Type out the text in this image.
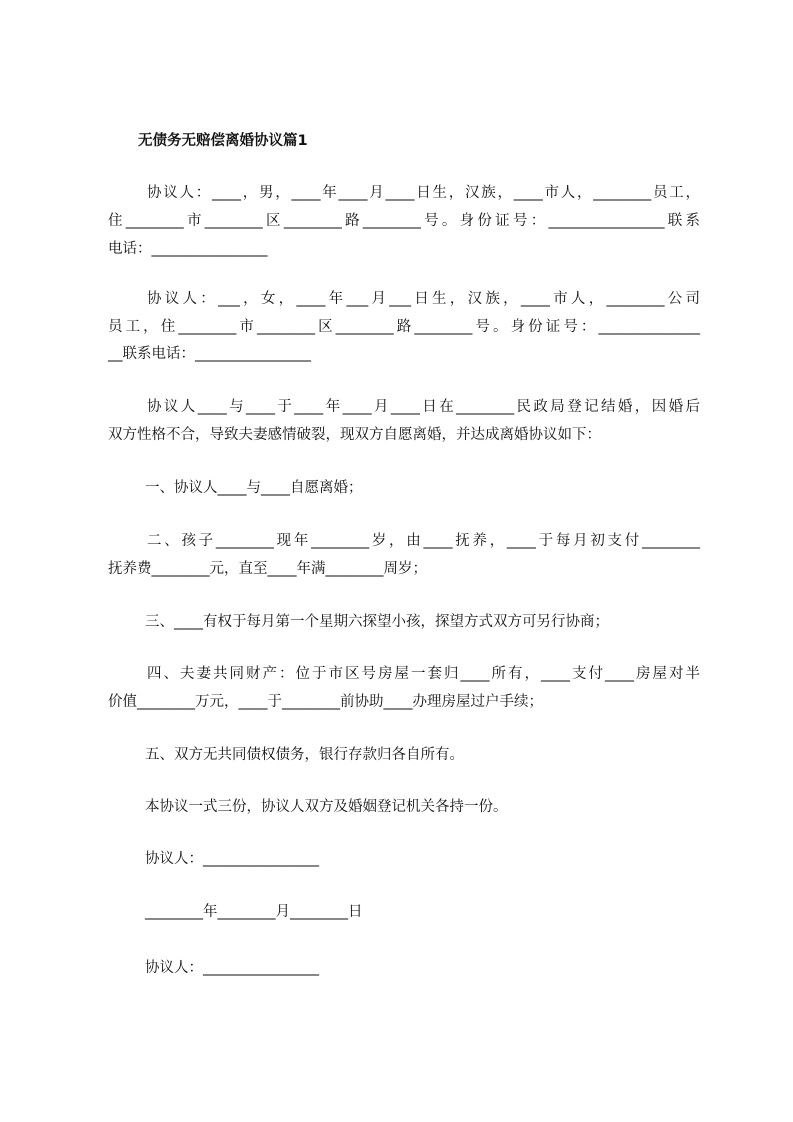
无债务无赔偿离婚协议篇1
协议人：____，男，____年____月____日生，汉族，____市人，________员工，
住________市________区________路________号。身份证号：________________联系
电话：________________
协议人：___，女，____年___月___日生，汉族，____市人，________公司
员工，住________市________区________路________号。身份证号：______________
__联系电话：________________
协议人____与____于____年____月____日在________民政局登记结婚，因婚后
双方性格不合，导致夫妻感情破裂，现双方自愿离婚，并达成离婚协议如下：
一、协议人____与____自愿离婚；
二、孩子________现年________岁，由____抚养，____于每月初支付________
抚养费________元，直至____年满________周岁；
三、____有权于每月第一个星期六探望小孩，探望方式双方可另行协商；
四、夫妻共同财产：位于市区号房屋一套归____所有，____支付____房屋对半
价值________万元，____于________前协助____办理房屋过户手续；
五、双方无共同债权债务，银行存款归各自所有。
本协议一式三份，协议人双方及婚姻登记机关各持一份。
协议人：________________
________年________月________日
协议人：________________
